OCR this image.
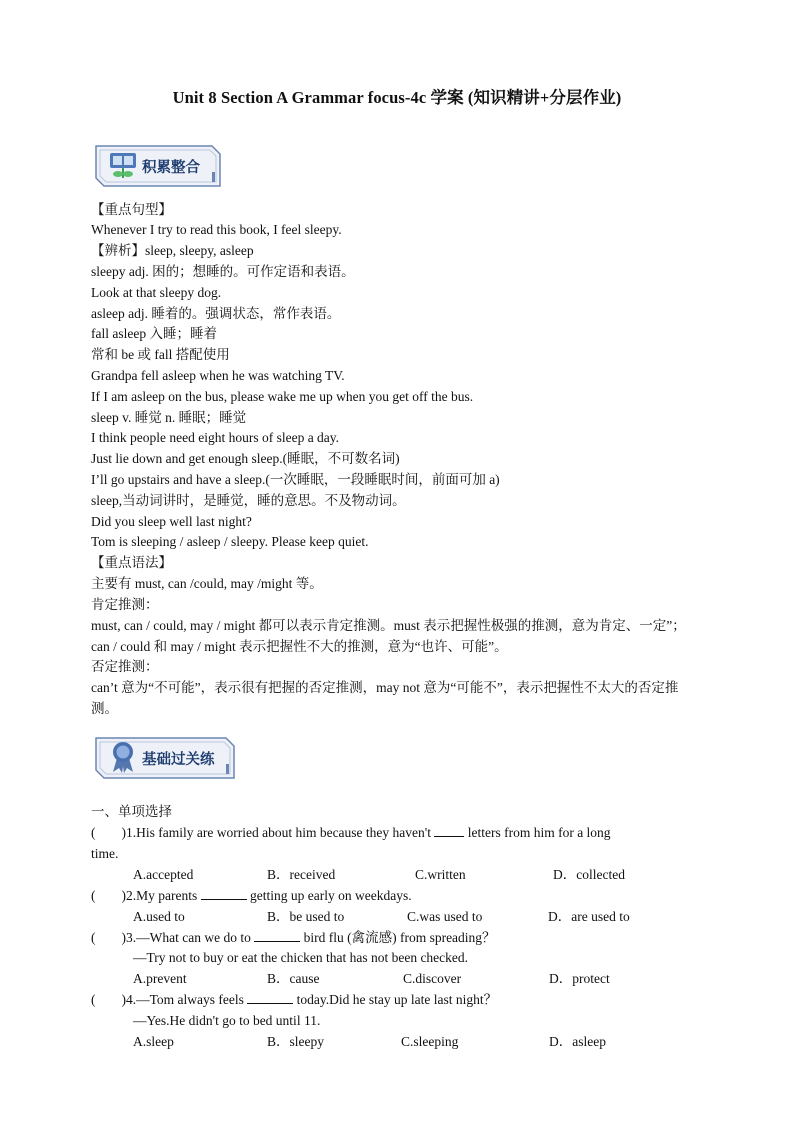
Unit 8 Section A Grammar focus-4c 学案 (知识精讲+分层作业)
积累整合
【重点句型】
Whenever I try to read this book, I feel sleepy.
【辨析】sleep, sleepy, asleep
sleepy adj. 困的；想睡的。可作定语和表语。
Look at that sleepy dog.
asleep adj. 睡着的。强调状态，常作表语。
fall asleep 入睡；睡着
常和 be 或 fall 搭配使用
Grandpa fell asleep when he was watching TV.
If I am asleep on the bus, please wake me up when you get off the bus.
sleep v. 睡觉 n. 睡眠；睡觉
I think people need eight hours of sleep a day.
Just lie down and get enough sleep.(睡眠，不可数名词)
I’ll go upstairs and have a sleep.(一次睡眠，一段睡眠时间，前面可加 a)
sleep,当动词讲时，是睡觉，睡的意思。不及物动词。
Did you sleep well last night?
Tom is sleeping / asleep / sleepy. Please keep quiet.
【重点语法】
主要有 must, can /could, may /might 等。
肯定推测：
must, can / could, may / might 都可以表示肯定推测。must 表示把握性极强的推测，意为肯定、一定”；can / could 和 may / might 表示把握性不大的推测，意为“也许、可能”。
否定推测：
can’t 意为“不可能”，表示很有把握的否定推测，may not 意为“可能不”，表示把握性不太大的否定推测。
基础过关练
一、单项选择
( )1.His family are worried about him because they haven't	letters from him for a long
time.
A.accepted	B．received	C.written	D．collected
( )2.My parents	getting up early on weekdays.
A.used to	B．be used to	C.was used to	D．are used to
( )3.—What can we do to	bird flu (禽流感) from spreading？
—Try not to buy or eat the chicken that has not been checked.
A.prevent	B．cause	C.discover	D．protect
( )4.—Tom always feels	today.Did he stay up late last night？
—Yes.He didn't go to bed until 11.
A.sleep	B．sleepy	C.sleeping	D．asleep
